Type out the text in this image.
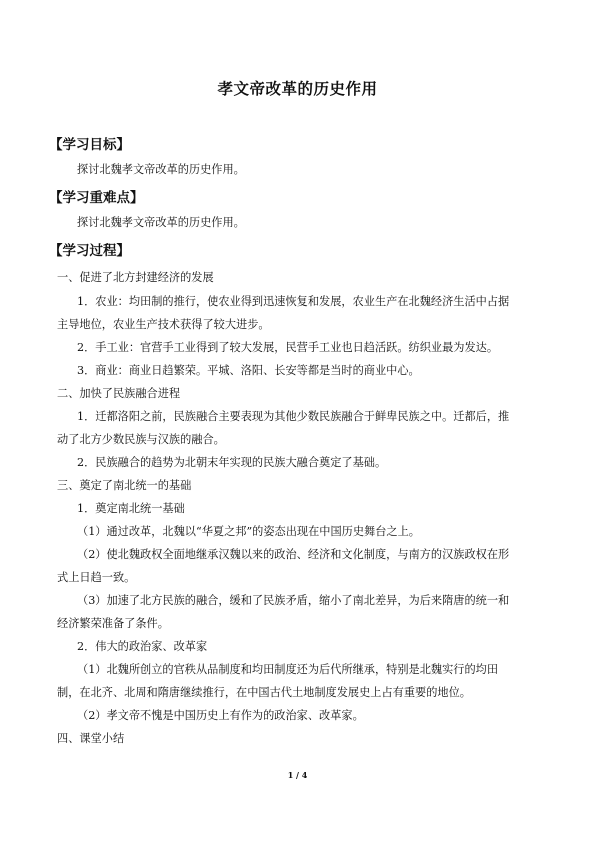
孝文帝改革的历史作用
【学习目标】
探讨北魏孝文帝改革的历史作用。
【学习重难点】
探讨北魏孝文帝改革的历史作用。
【学习过程】
一、促进了北方封建经济的发展
1．农业：均田制的推行，使农业得到迅速恢复和发展，农业生产在北魏经济生活中占据
主导地位，农业生产技术获得了较大进步。
2．手工业：官营手工业得到了较大发展，民营手工业也日趋活跃。纺织业最为发达。
3．商业：商业日趋繁荣。平城、洛阳、长安等都是当时的商业中心。
二、加快了民族融合进程
1．迁都洛阳之前，民族融合主要表现为其他少数民族融合于鲜卑民族之中。迁都后，推
动了北方少数民族与汉族的融合。
2．民族融合的趋势为北朝末年实现的民族大融合奠定了基础。
三、奠定了南北统一的基础
1．奠定南北统一基础
（1）通过改革，北魏以“华夏之邦”的姿态出现在中国历史舞台之上。
（2）使北魏政权全面地继承汉魏以来的政治、经济和文化制度，与南方的汉族政权在形
式上日趋一致。
（3）加速了北方民族的融合，缓和了民族矛盾，缩小了南北差异，为后来隋唐的统一和
经济繁荣准备了条件。
2．伟大的政治家、改革家
（1）北魏所创立的官秩从品制度和均田制度还为后代所继承，特别是北魏实行的均田
制，在北齐、北周和隋唐继续推行，在中国古代土地制度发展史上占有重要的地位。
（2）孝文帝不愧是中国历史上有作为的政治家、改革家。
四、课堂小结
1 / 4
